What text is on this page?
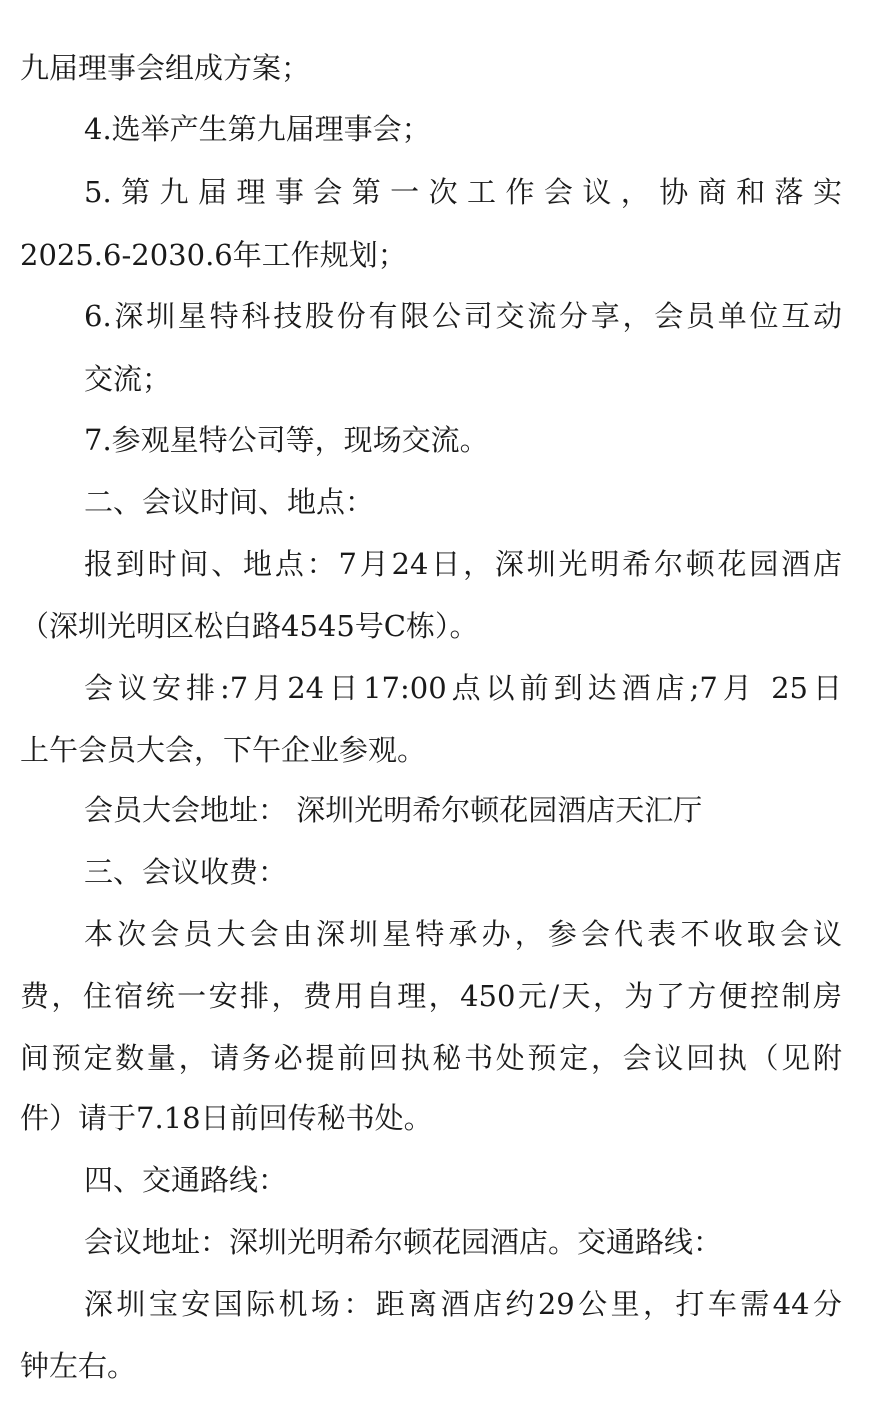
九届理事会组成方案；
4.选举产生第九届理事会；
5.第九届理事会第一次工作会议，协商和落实
2025.6-2030.6年工作规划；
6.深圳星特科技股份有限公司交流分享，会员单位互动
交流；
7.参观星特公司等，现场交流。
二、会议时间、地点：
报到时间、地点：7月24日，深圳光明希尔顿花园酒店
（深圳光明区松白路4545号C栋）。
会议安排:7月24日17:00点以前到达酒店;7月 25日
上午会员大会，下午企业参观。
会员大会地址： 深圳光明希尔顿花园酒店天汇厅
三、会议收费：
本次会员大会由深圳星特承办，参会代表不收取会议
费，住宿统一安排，费用自理，450元/天，为了方便控制房
间预定数量，请务必提前回执秘书处预定，会议回执（见附
件）请于7.18日前回传秘书处。
四、交通路线：
会议地址：深圳光明希尔顿花园酒店。交通路线：
深圳宝安国际机场：距离酒店约29公里，打车需44分
钟左右。
